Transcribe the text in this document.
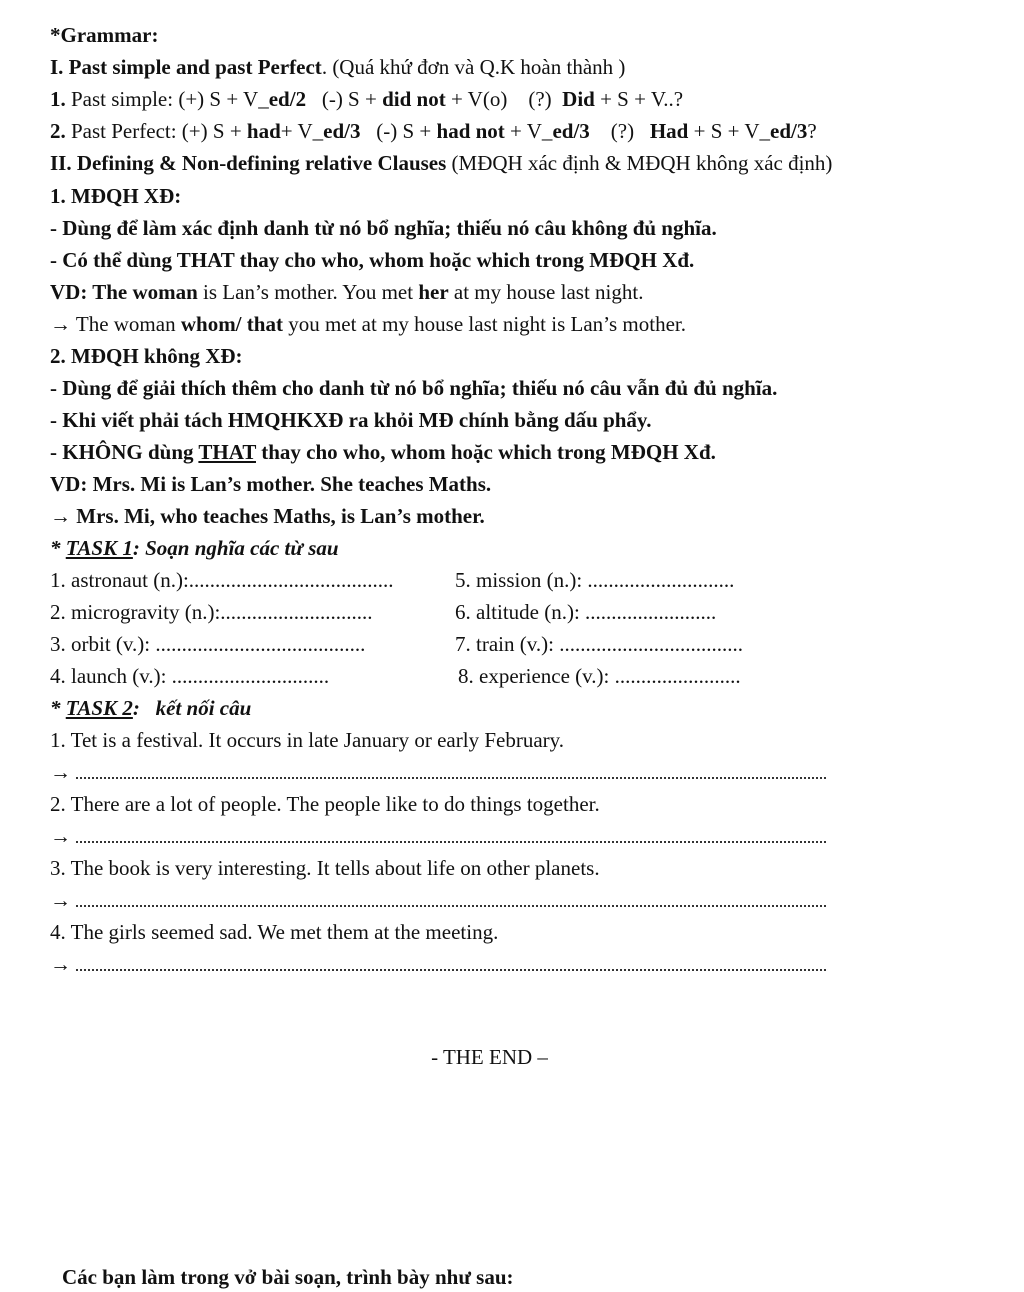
*Grammar:
I. Past simple and past Perfect. (Quá khứ đơn và Q.K hoàn thành )
1. Past simple: (+) S + V_ed/2   (-) S + did not + V(o)    (?)  Did + S + V..?
2. Past Perfect: (+) S + had+ V_ed/3   (-) S + had not + V_ed/3    (?)   Had + S + V_ed/3?
II. Defining & Non-defining relative Clauses (MĐQH xác định & MĐQH không xác định)
1. MĐQH XĐ:
- Dùng để làm xác định danh từ nó bổ nghĩa; thiếu nó câu không đủ nghĩa.
- Có thể dùng THAT thay cho who, whom hoặc which trong MĐQH Xđ.
VD: The woman is Lan’s mother. You met her at my house last night.
→ The woman whom/ that you met at my house last night is Lan’s mother.
2. MĐQH không XĐ:
- Dùng để giải thích thêm cho danh từ nó bổ nghĩa; thiếu nó câu vẫn đủ đủ nghĩa.
- Khi viết phải tách HMQHKXĐ ra khỏi MĐ chính bằng dấu phẩy.
- KHÔNG dùng THAT thay cho who, whom hoặc which trong MĐQH Xđ.
VD: Mrs. Mi is Lan’s mother. She teaches Maths.
→ Mrs. Mi, who teaches Maths, is Lan’s mother.
* TASK 1: Soạn nghĩa các từ sau
1. astronaut (n.):.......................................	5. mission (n.): ............................
2. microgravity (n.):.............................	6. altitude (n.): .........................
3. orbit (v.): ........................................	7. train (v.): ...................................
4. launch (v.): ..............................	8. experience (v.): ........................
* TASK 2:   kết nối câu
1. Tet is a festival. It occurs in late January or early February.
→
2. There are a lot of people. The people like to do things together.
→
3. The book is very interesting. It tells about life on other planets.
→
4. The girls seemed sad. We met them at the meeting.
→
- THE END –
Các bạn làm trong vở bài soạn, trình bày như sau:
